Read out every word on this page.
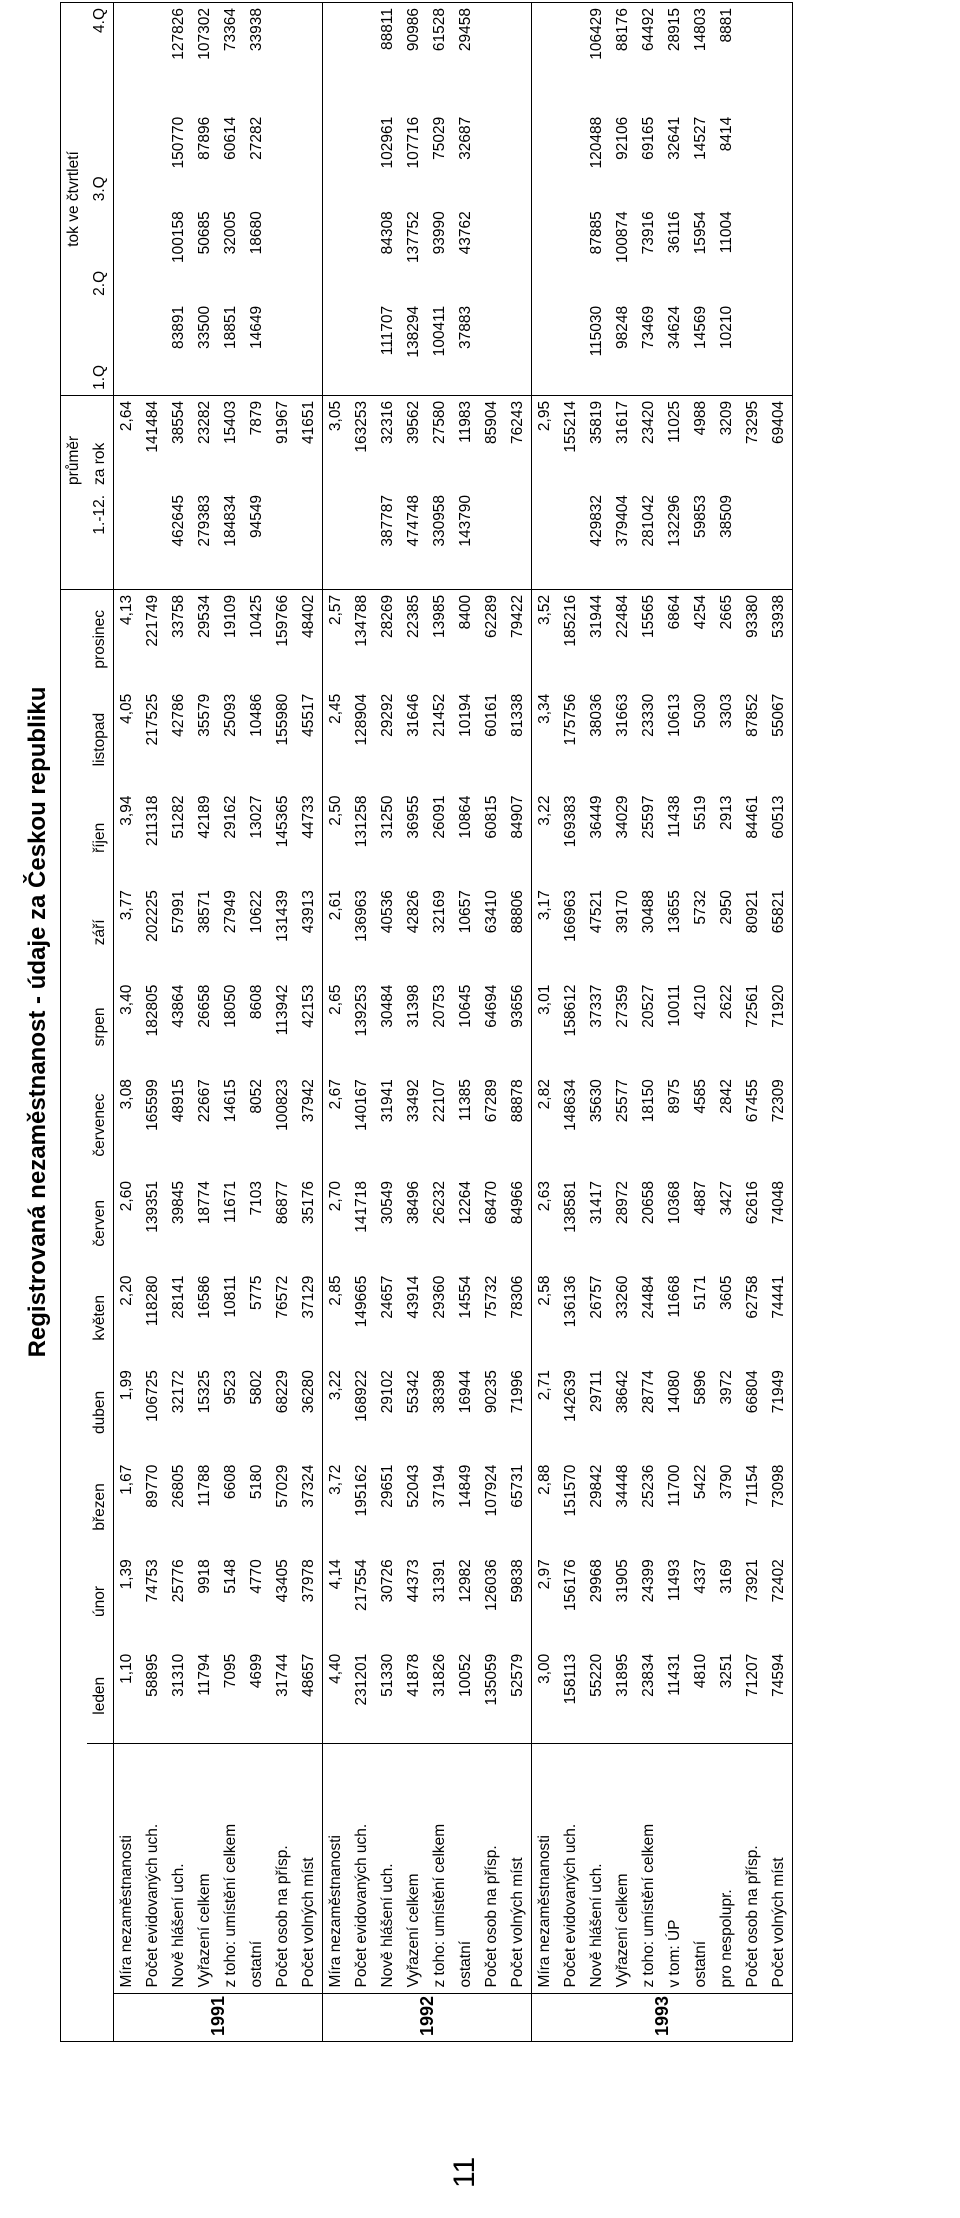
11
Registrovaná nezaměstnanost - údaje za Českou republiku
															průměr	tok ve čtvrtletí			
		leden	únor	březen	duben	květen	červen	červenec	srpen	září	říjen	listopad	prosinec	1.-12.	za rok	1.Q	2.Q	3.Q	4.Q
1991	Míra nezaměstnanosti	1,10	1,39	1,67	1,99	2,20	2,60	3,08	3,40	3,77	3,94	4,05	4,13		2,64				
	Počet evidovaných uch.	58895	74753	89770	106725	118280	139351	165599	182805	202225	211318	217525	221749		141484				
	Nově hlášení uch.	31310	25776	26805	32172	28141	39845	48915	43864	57991	51282	42786	33758	462645	38554	83891	100158	150770	127826
	Vyřazení celkem	11794	9918	11788	15325	16586	18774	22667	26658	38571	42189	35579	29534	279383	23282	33500	50685	87896	107302
	z toho: umístění celkem	7095	5148	6608	9523	10811	11671	14615	18050	27949	29162	25093	19109	184834	15403	18851	32005	60614	73364
	ostatní	4699	4770	5180	5802	5775	7103	8052	8608	10622	13027	10486	10425	94549	7879	14649	18680	27282	33938
	Počet osob na přísp.	31744	43405	57029	68229	76572	86877	100823	113942	131439	145365	155980	159766		91967				
	Počet volných míst	48657	37978	37324	36280	37129	35176	37942	42153	43913	44733	45517	48402		41651				
1992	Míra nezaměstnanosti	4,40	4,14	3,72	3,22	2,85	2,70	2,67	2,65	2,61	2,50	2,45	2,57		3,05				
	Počet evidovaných uch.	231201	217554	195162	168922	149665	141718	140167	139253	136963	131258	128904	134788		163253				
	Nově hlášení uch.	51330	30726	29651	29102	24657	30549	31941	30484	40536	31250	29292	28269	387787	32316	111707	84308	102961	88811
	Vyřazení celkem	41878	44373	52043	55342	43914	38496	33492	31398	42826	36955	31646	22385	474748	39562	138294	137752	107716	90986
	z toho: umístění celkem	31826	31391	37194	38398	29360	26232	22107	20753	32169	26091	21452	13985	330958	27580	100411	93990	75029	61528
	ostatní	10052	12982	14849	16944	14554	12264	11385	10645	10657	10864	10194	8400	143790	11983	37883	43762	32687	29458
	Počet osob na přísp.	135059	126036	107924	90235	75732	68470	67289	64694	63410	60815	60161	62289		85904				
	Počet volných míst	52579	59838	65731	71996	78306	84966	88878	93656	88806	84907	81338	79422		76243				
1993	Míra nezaměstnanosti	3,00	2,97	2,88	2,71	2,58	2,63	2,82	3,01	3,17	3,22	3,34	3,52		2,95				
	Počet evidovaných uch.	158113	156176	151570	142639	136136	138581	148634	158612	166963	169383	175756	185216		155214				
	Nově hlášení uch.	55220	29968	29842	29711	26757	31417	35630	37337	47521	36449	38036	31944	429832	35819	115030	87885	120488	106429
	Vyřazení celkem	31895	31905	34448	38642	33260	28972	25577	27359	39170	34029	31663	22484	379404	31617	98248	100874	92106	88176
	z toho: umístění celkem	23834	24399	25236	28774	24484	20658	18150	20527	30488	25597	23330	15565	281042	23420	73469	73916	69165	64492
	v tom: ÚP	11431	11493	11700	14080	11668	10368	8975	10011	13655	11438	10613	6864	132296	11025	34624	36116	32641	28915
	ostatní	4810	4337	5422	5896	5171	4887	4585	4210	5732	5519	5030	4254	59853	4988	14569	15954	14527	14803
	pro nespolupr.	3251	3169	3790	3972	3605	3427	2842	2622	2950	2913	3303	2665	38509	3209	10210	11004	8414	8881
	Počet osob na přísp.	71207	73921	71154	66804	62758	62616	67455	72561	80921	84461	87852	93380		73295				
	Počet volných míst	74594	72402	73098	71949	74441	74048	72309	71920	65821	60513	55067	53938		69404				
